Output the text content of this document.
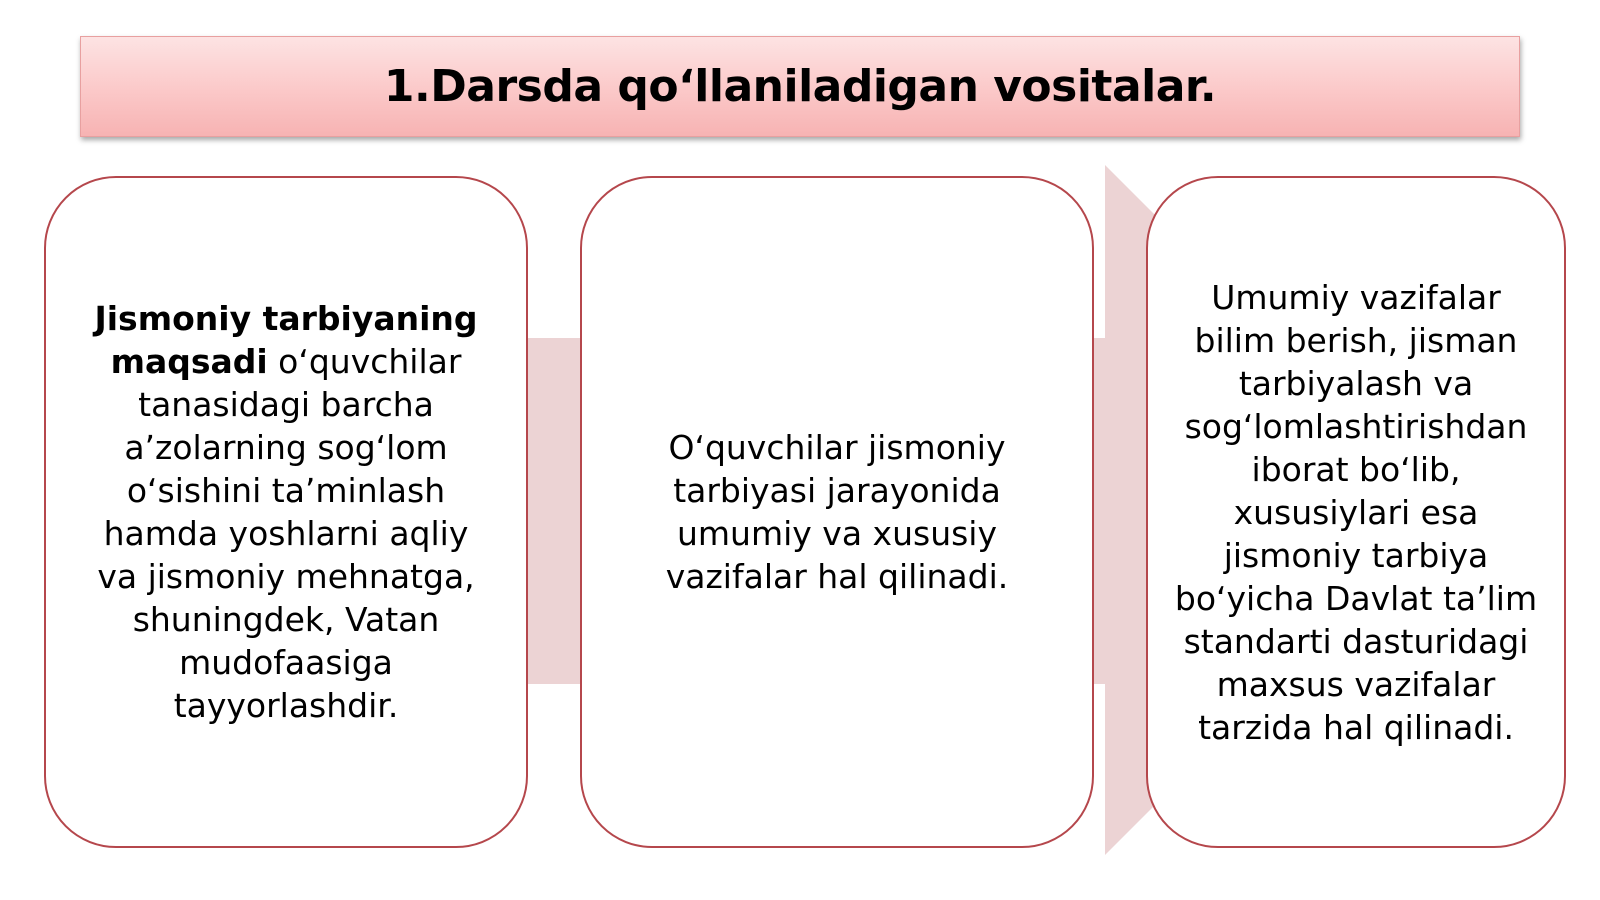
1.Darsda qo‘llaniladigan vositalar.
Jismoniy tarbiyaning maqsadi o‘quvchilar tanasidagi barcha a’zolarning sog‘lom o‘sishini ta’minlash hamda yoshlarni aqliy va jismoniy mehnatga, shuningdek, Vatan mudofaasiga tayyorlashdir.
O‘quvchilar jismoniy tarbiyasi jarayonida umumiy va xususiy vazifalar hal qilinadi.
Umumiy vazifalar bilim berish, jisman tarbiyalash va sog‘lomlashtirishdan iborat bo‘lib, xususiylari esa jismoniy tarbiya bo‘yicha Davlat ta’lim standarti dasturidagi maxsus vazifalar tarzida hal qilinadi.
